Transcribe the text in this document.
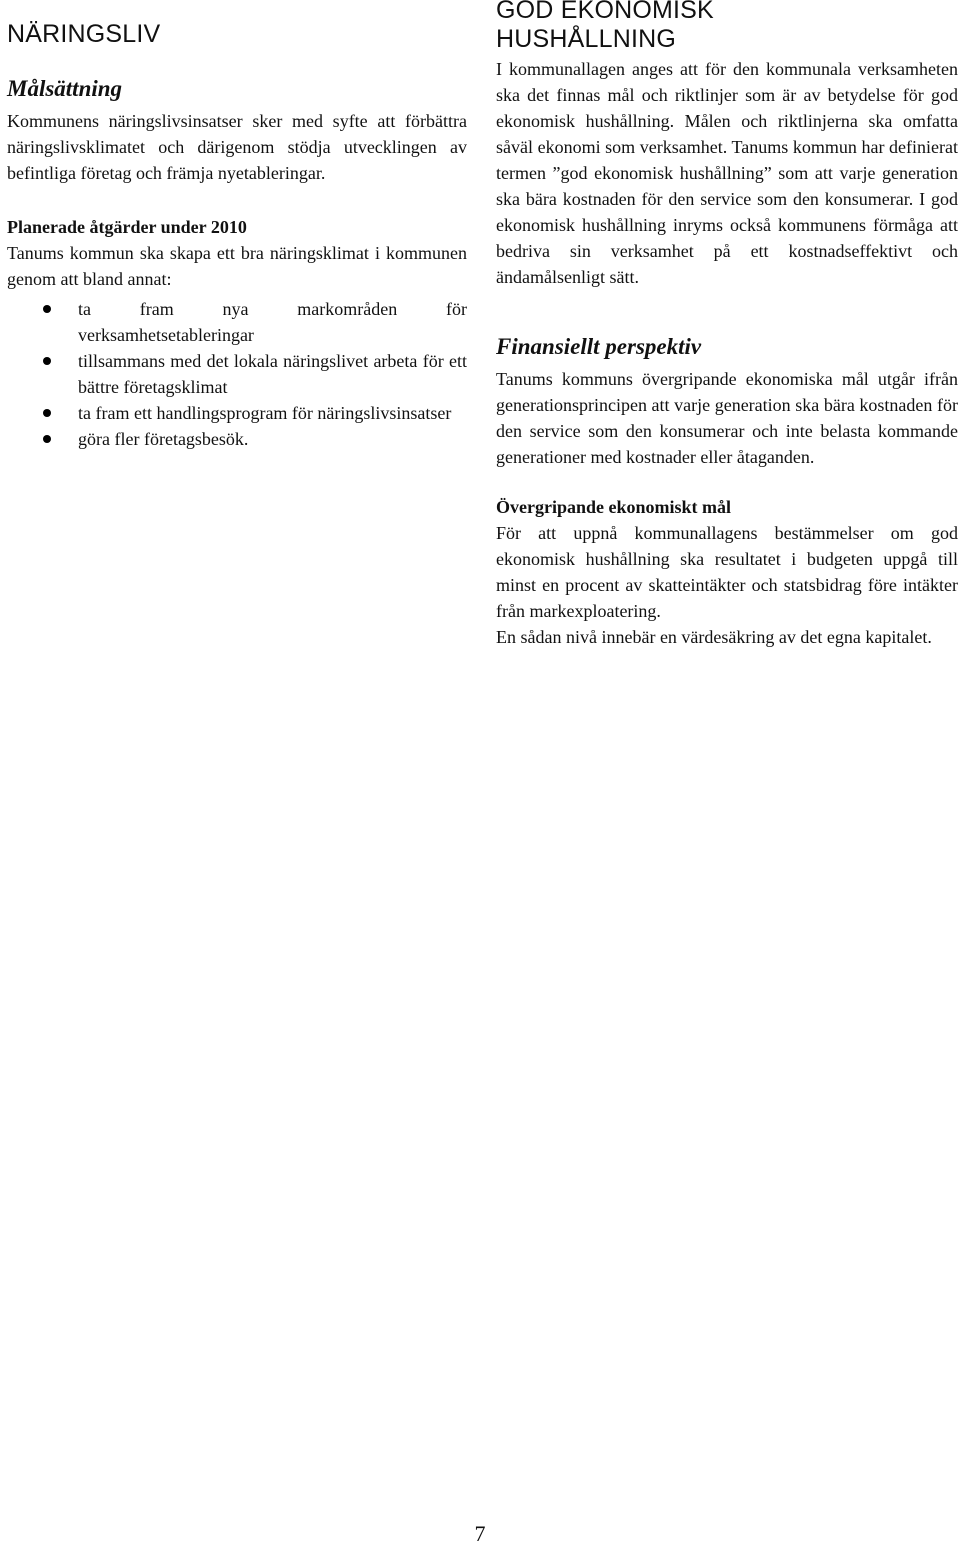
NÄRINGSLIV
Målsättning

Kommunens näringslivsinsatser sker med syfte att förbättra näringslivsklimatet och därigenom stödja utvecklingen av befintliga företag och främja nyetableringar.

Planerade åtgärder under 2010

Tanums kommun ska skapa ett bra näringsklimat i kommunen genom att bland annat:

ta fram nya markområden för verksamhetsetableringar
tillsammans med det lokala näringslivet arbeta för ett bättre företagsklimat
ta fram ett handlingsprogram för näringslivsinsatser
göra fler företagsbesök.
GOD EKONOMISK
HUSHÅLLNING

I kommunallagen anges att för den kommunala verksamheten ska det finnas mål och riktlinjer som är av betydelse för god ekonomisk hushållning. Målen och riktlinjerna ska omfatta såväl ekonomi som verksamhet. Tanums kommun har definierat termen ”god ekonomisk hushållning” som att varje generation ska bära kostnaden för den service som den konsumerar. I god ekonomisk hushållning inryms också kommunens förmåga att bedriva sin verksamhet på ett kostnadseffektivt och ändamålsenligt sätt.

Finansiellt perspektiv

Tanums kommuns övergripande ekonomiska mål utgår ifrån generationsprincipen att varje generation ska bära kostnaden för den service som den konsumerar och inte belasta kommande generationer med kostnader eller åtaganden.

Övergripande ekonomiskt mål

För att uppnå kommunallagens bestämmelser om god ekonomisk hushållning ska resultatet i budgeten uppgå till minst en procent av skatteintäkter och statsbidrag före intäkter från markexploatering.

En sådan nivå innebär en värdesäkring av det egna kapitalet.

7
